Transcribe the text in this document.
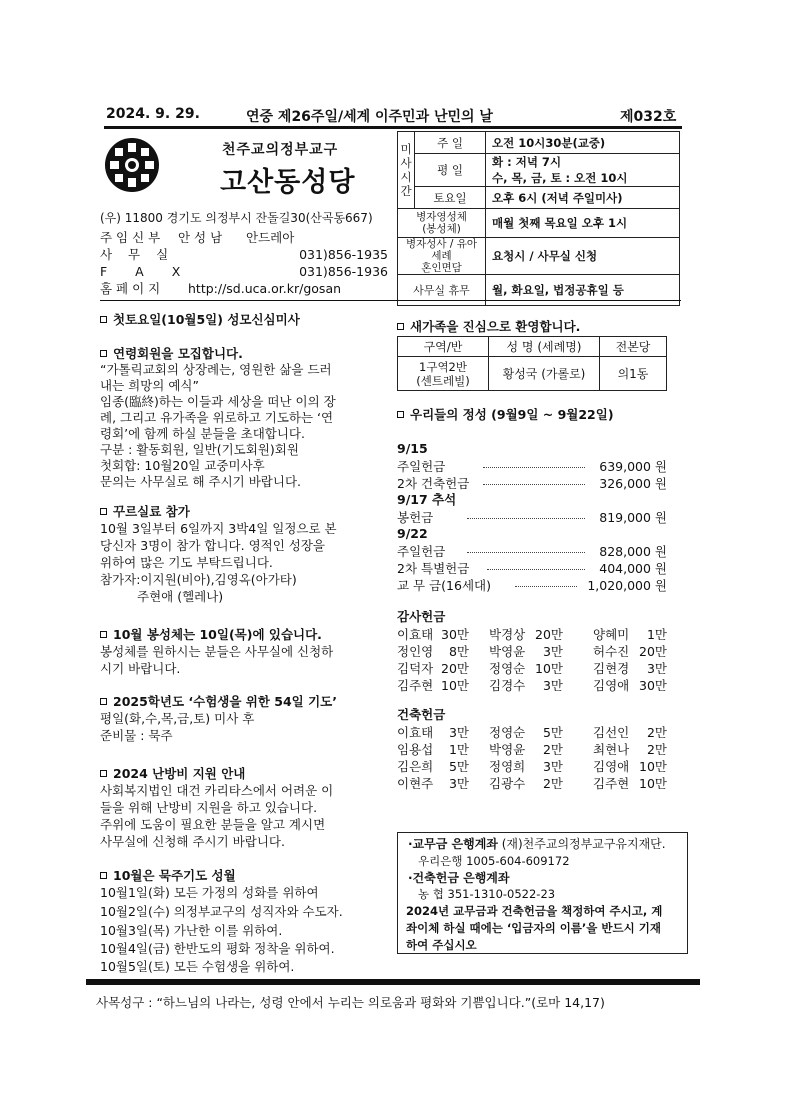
2024. 9. 29.	연중 제26주일/세계 이주민과 난민의 날	제032호
천주교의정부교구
고산동성당
(우) 11800 경기도 의정부시 잔돌길30(산곡동667)
주 임 신 부 안 성 남 안드레아
사 무 실	031)856-1935
F A X	031)856-1936
홈 페 이 지 http://sd.uca.or.kr/gosan
미
사
시
간	주 일	오전 10시30분(교중)
	평 일	화 : 저녁 7시
		수, 목, 금, 토 : 오전 10시
	토요일	오후 6시 (저녁 주일미사)
병자영성체
(봉성체)		매월 첫째 목요일 오후 1시
병자성사 / 유아세례
혼인면담		요청시 / 사무실 신청
사무실 휴무		월, 화요일, 법정공휴일 등
첫토요일(10월5일) 성모신심미사
연령회원을 모집합니다.
“가톨릭교회의 상장례는, 영원한 삶을 드러
내는 희망의 예식”
임종(臨終)하는 이들과 세상을 떠난 이의 장
례, 그리고 유가족을 위로하고 기도하는 ‘연
령회’에 함께 하실 분들을 초대합니다.
구분 : 활동회원, 일반(기도회원)회원
첫회합: 10월20일 교중미사후
문의는 사무실로 해 주시기 바랍니다.
꾸르실료 참가
10월 3일부터 6일까지 3박4일 일정으로 본
당신자 3명이 참가 합니다. 영적인 성장을
위하여 많은 기도 부탁드립니다.
참가자:이지원(비아),김영옥(아가타)
주현애 (헬레나)
10월 봉성체는 10일(목)에 있습니다.
봉성체를 원하시는 분들은 사무실에 신청하
시기 바랍니다.
2025학년도 ‘수험생을 위한 54일 기도’
평일(화,수,목,금,토) 미사 후
준비물 : 묵주
2024 난방비 지원 안내
사회복지법인 대건 카리타스에서 어려운 이
들을 위해 난방비 지원을 하고 있습니다.
주위에 도움이 필요한 분들을 알고 계시면
사무실에 신청해 주시기 바랍니다.
10월은 묵주기도 성월
10월1일(화) 모든 가정의 성화를 위하여
10월2일(수) 의정부교구의 성직자와 수도자.
10월3일(목) 가난한 이를 위하여.
10월4일(금) 한반도의 평화 정착을 위하여.
10월5일(토) 모든 수험생을 위하여.
새가족을 진심으로 환영합니다.
구역/반	성 명 (세례명)	전본당
1구역2반
(센트레빌)	황성국 (가롤로)	의1동
우리들의 정성 (9월9일 ~ 9월22일)
9/15
주일헌금	639,000 원
2차 건축헌금	326,000 원
9/17 추석
봉헌금	819,000 원
9/22
주일헌금	828,000 원
2차 특별헌금	404,000 원
교 무 금(16세대)	1,020,000 원
감사헌금
이효태 30만 박경상 20만 양혜미 1만
정인영 8만 박영윤 3만 허수진 20만
김덕자 20만 정영순 10만 김현경 3만
김주현 10만 김경수 3만 김영애 30만
건축헌금
이효태 3만 정영순 5만 김선인 2만
임용섭 1만 박영윤 2만 최현나 2만
김은희 5만 정영희 3만 김영애 10만
이현주 3만 김광수 2만 김주현 10만
·교무금 은행계좌 (재)천주교의정부교구유지재단.
우리은행 1005-604-609172
·건축헌금 은행계좌
농 협 351-1310-0522-23
2024년 교무금과 건축헌금을 책정하여 주시고, 계
좌이체 하실 때에는 ‘입금자의 이름’을 반드시 기재
하여 주십시오
사목성구 : “하느님의 나라는, 성령 안에서 누리는 의로움과 평화와 기쁨입니다.”(로마 14,17)
